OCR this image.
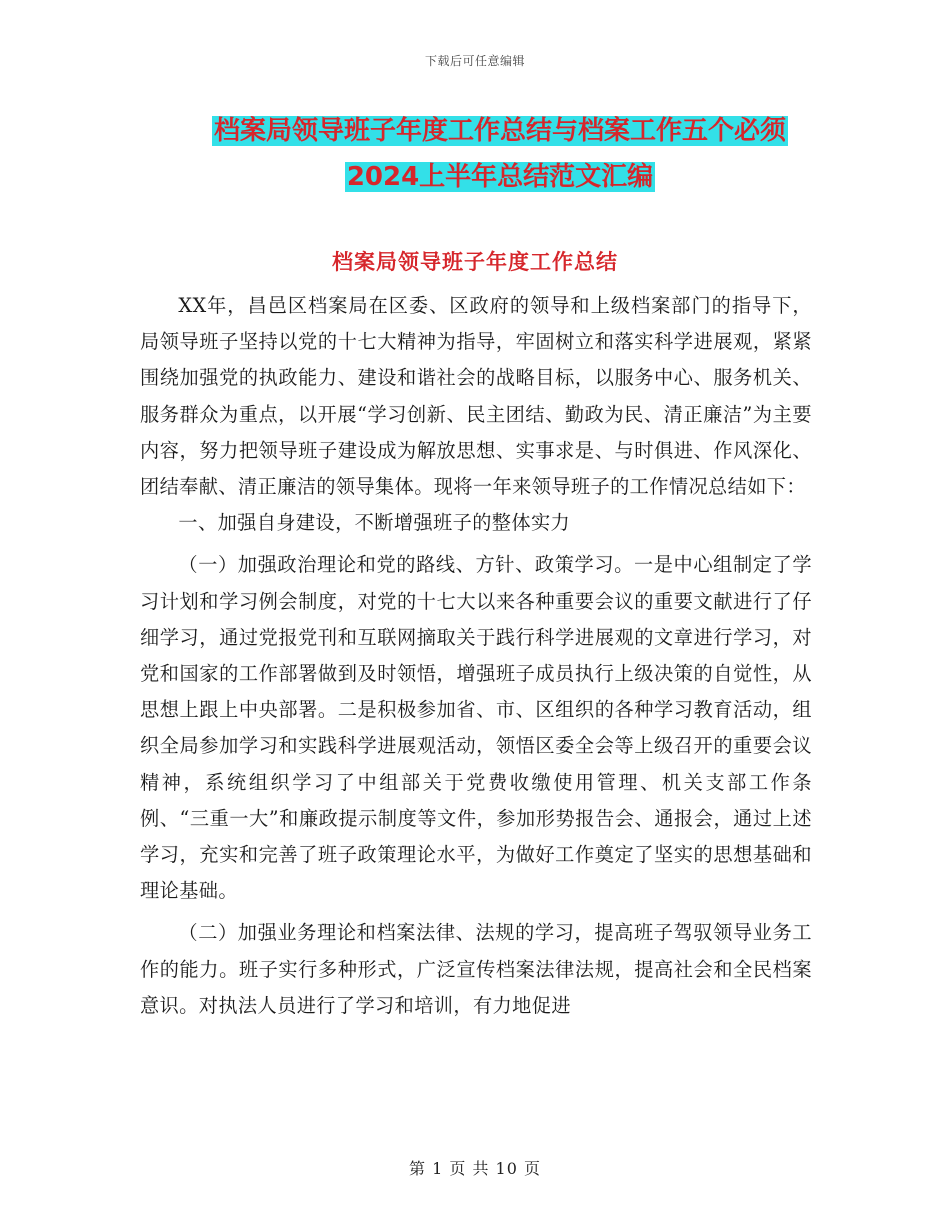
下载后可任意编辑
档案局领导班子年度工作总结与档案工作五个必须
2024上半年总结范文汇编
档案局领导班子年度工作总结

XX年，昌邑区档案局在区委、区政府的领导和上级档案部门的指导下，局领导班子坚持以党的十七大精神为指导，牢固树立和落实科学进展观，紧紧围绕加强党的执政能力、建设和谐社会的战略目标，以服务中心、服务机关、服务群众为重点，以开展“学习创新、民主团结、勤政为民、清正廉洁”为主要内容，努力把领导班子建设成为解放思想、实事求是、与时俱进、作风深化、团结奉献、清正廉洁的领导集体。现将一年来领导班子的工作情况总结如下：

一、加强自身建设，不断增强班子的整体实力

（一）加强政治理论和党的路线、方针、政策学习。一是中心组制定了学习计划和学习例会制度，对党的十七大以来各种重要会议的重要文献进行了仔细学习，通过党报党刊和互联网摘取关于践行科学进展观的文章进行学习，对党和国家的工作部署做到及时领悟，增强班子成员执行上级决策的自觉性，从思想上跟上中央部署。二是积极参加省、市、区组织的各种学习教育活动，组织全局参加学习和实践科学进展观活动，领悟区委全会等上级召开的重要会议精神，系统组织学习了中组部关于党费收缴使用管理、机关支部工作条例、“三重一大”和廉政提示制度等文件，参加形势报告会、通报会，通过上述学习，充实和完善了班子政策理论水平，为做好工作奠定了坚实的思想基础和理论基础。

（二）加强业务理论和档案法律、法规的学习，提高班子驾驭领导业务工作的能力。班子实行多种形式，广泛宣传档案法律法规，提高社会和全民档案意识。对执法人员进行了学习和培训，有力地促进

第 1 页 共 10 页
